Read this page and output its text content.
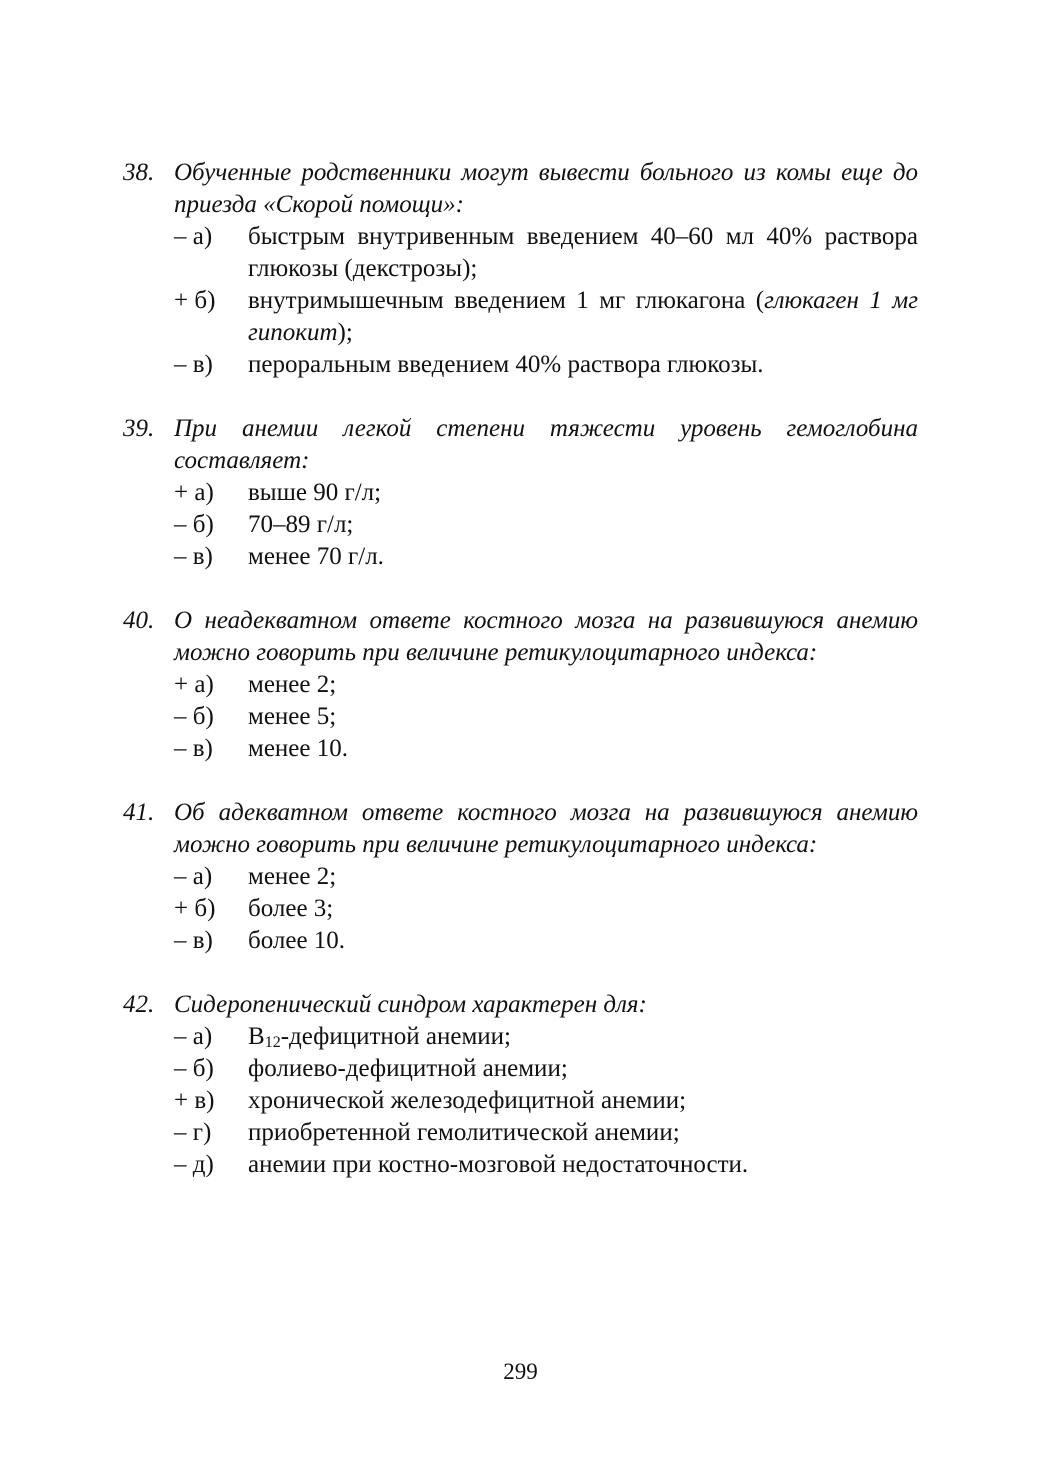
38. Обученные родственники могут вывести больного из комы еще до приезда «Скорой помощи»:
– а)	быстрым внутривенным введением 40–60 мл 40% раствора глюкозы (декстрозы);
+ б)	внутримышечным введением 1 мг глюкагона (глюкаген 1 мг гипокит);
– в)	пероральным введением 40% раствора глюкозы.
39. При анемии легкой степени тяжести уровень гемоглобина составляет:
+ а)	выше 90 г/л;
– б)	70–89 г/л;
– в)	менее 70 г/л.
40. О неадекватном ответе костного мозга на развившуюся анемию можно говорить при величине ретикулоцитарного индекса:
+ а)	менее 2;
– б)	менее 5;
– в)	менее 10.
41. Об адекватном ответе костного мозга на развившуюся анемию можно говорить при величине ретикулоцитарного индекса:
– а)	менее 2;
+ б)	более 3;
– в)	более 10.
42. Сидеропенический синдром характерен для:
– а)	$В_{12}$-дефицитной анемии;
– б)	фолиево-дефицитной анемии;
+ в)	хронической железодефицитной анемии;
– г)	приобретенной гемолитической анемии;
– д)	анемии при костно-мозговой недостаточности.
299
